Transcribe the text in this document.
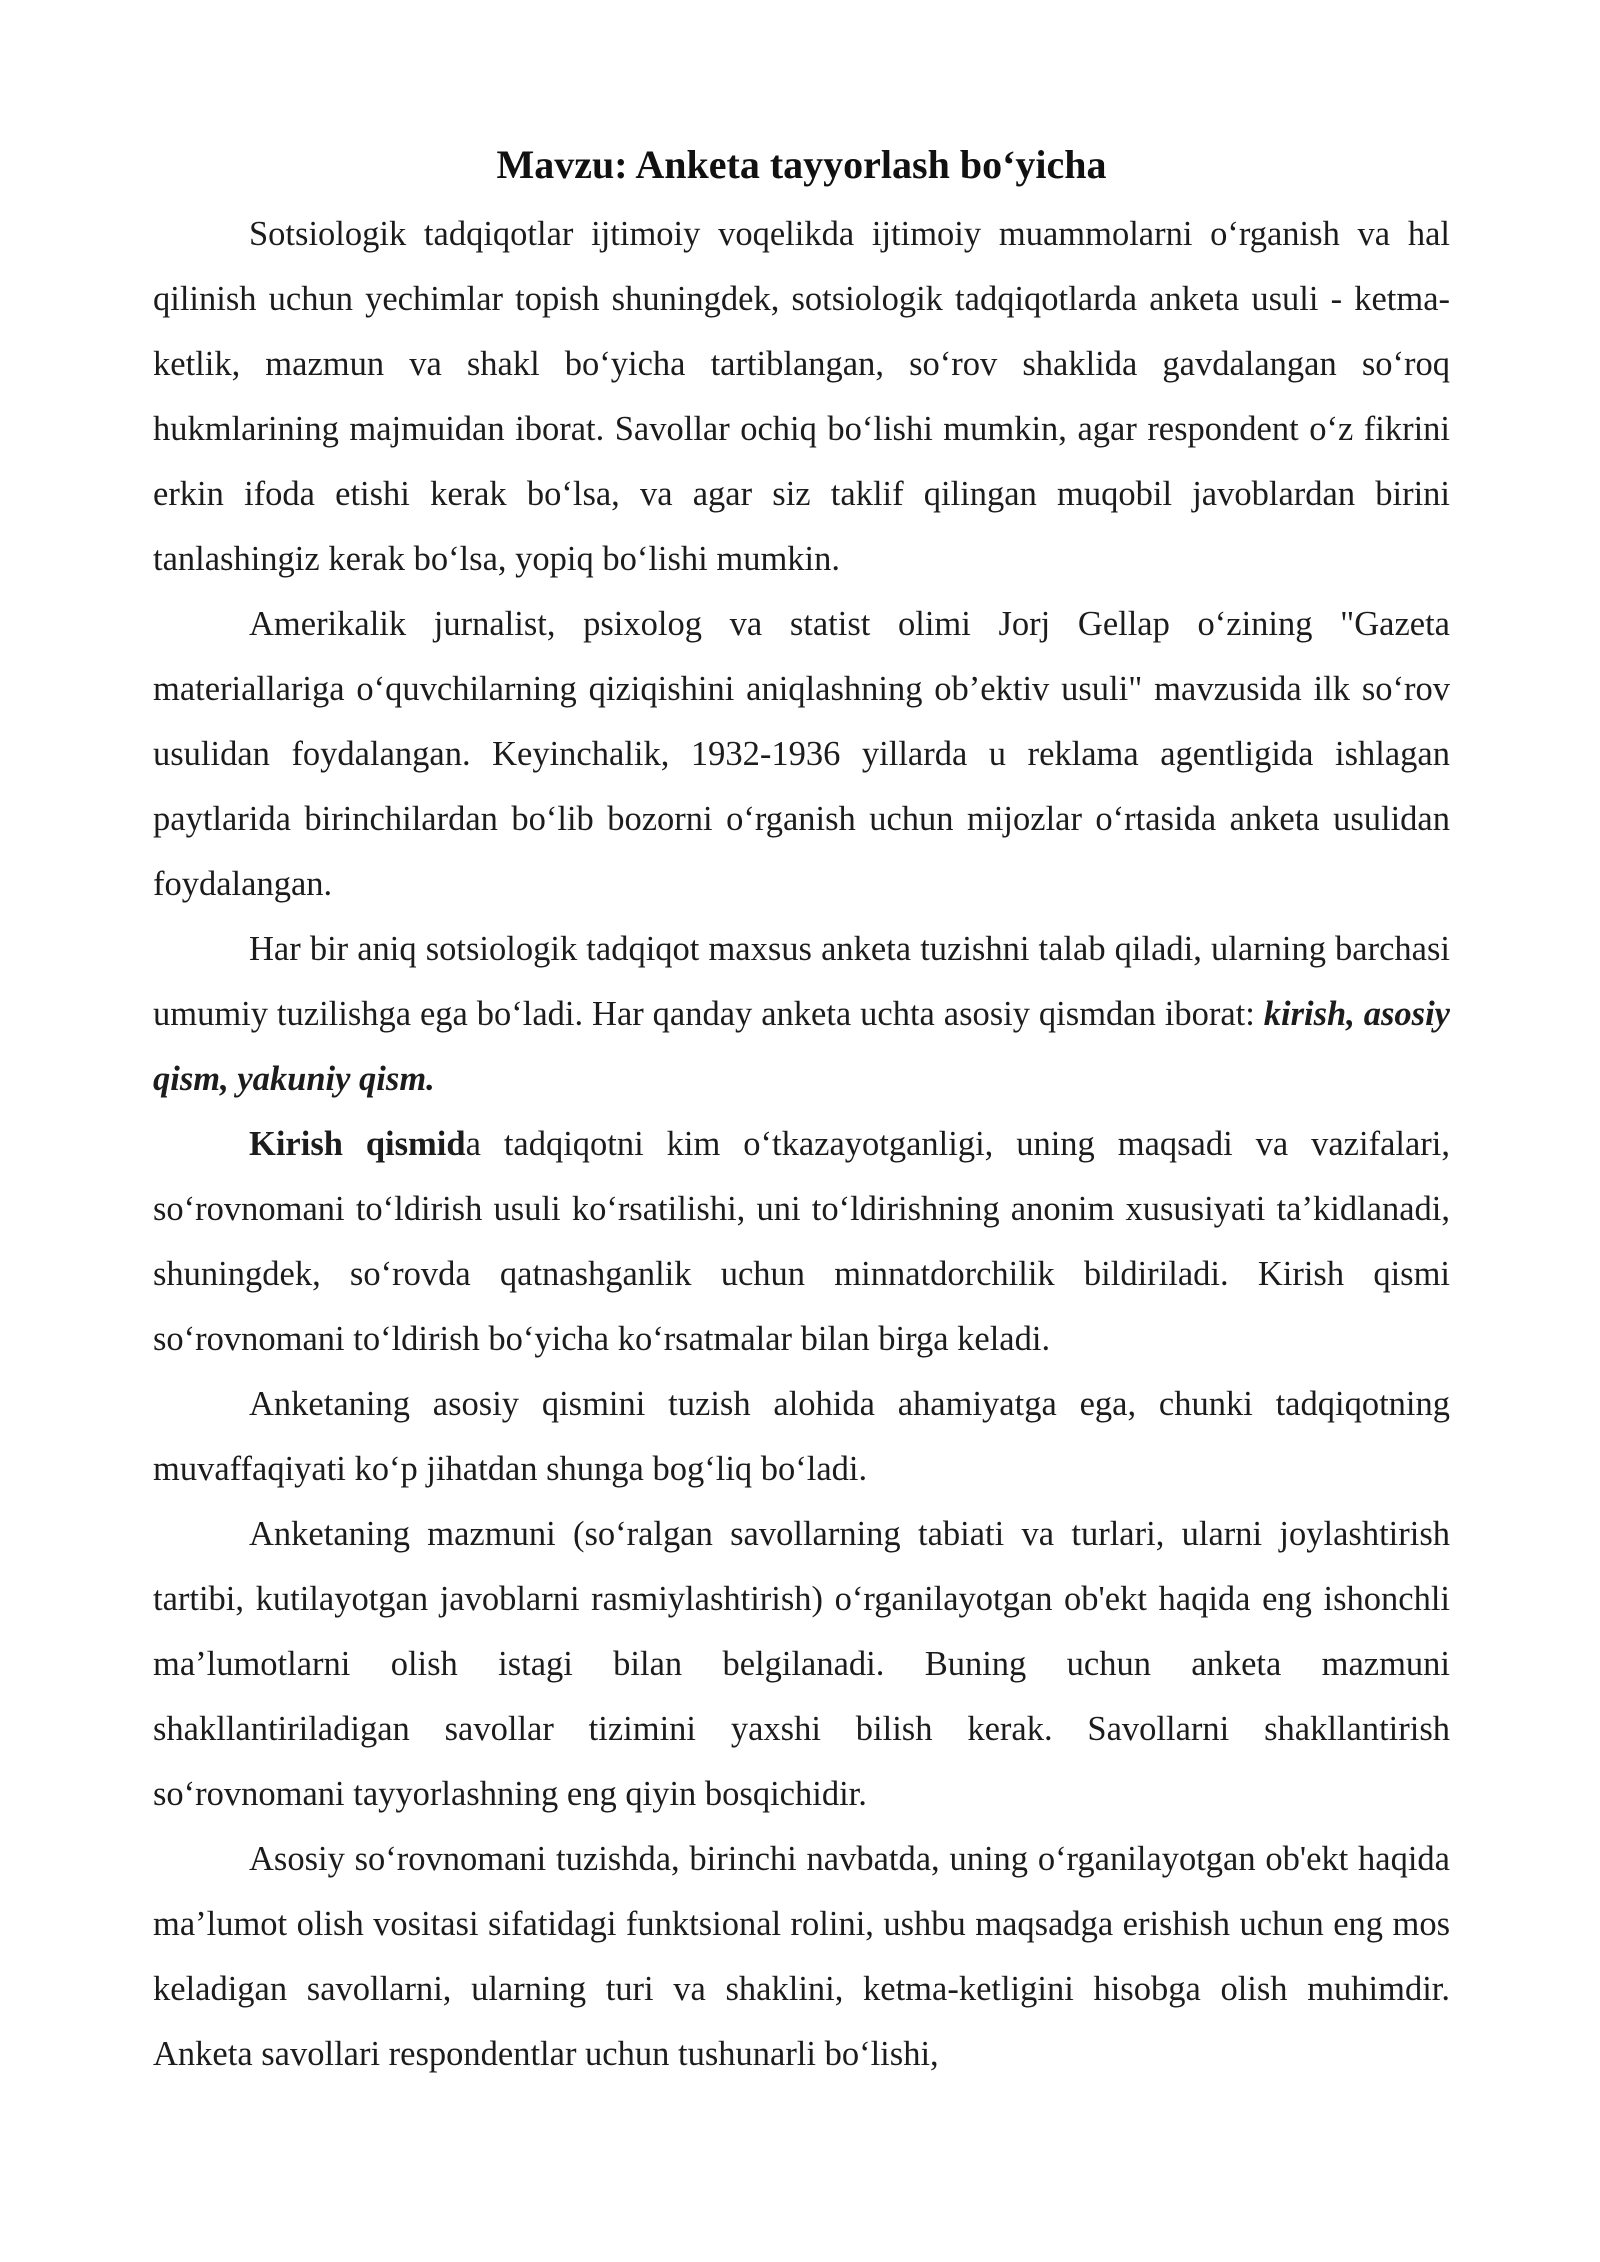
Mavzu: Anketa tayyorlash bo‘yicha

Sotsiologik tadqiqotlar ijtimoiy voqelikda ijtimoiy muammolarni o‘rganish va hal qilinish uchun yechimlar topish shuningdek, sotsiologik tadqiqotlarda anketa usuli - ketma-ketlik, mazmun va shakl bo‘yicha tartiblangan, so‘rov shaklida gavdalangan so‘roq hukmlarining majmuidan iborat. Savollar ochiq bo‘lishi mumkin, agar respondent o‘z fikrini erkin ifoda etishi kerak bo‘lsa, va agar siz taklif qilingan muqobil javoblardan birini tanlashingiz kerak bo‘lsa, yopiq bo‘lishi mumkin.

Amerikalik jurnalist, psixolog va statist olimi Jorj Gellap o‘zining "Gazeta materiallariga o‘quvchilarning qiziqishini aniqlashning ob’ektiv usuli" mavzusida ilk so‘rov usulidan foydalangan. Keyinchalik, 1932-1936 yillarda u reklama agentligida ishlagan paytlarida birinchilardan bo‘lib bozorni o‘rganish uchun mijozlar o‘rtasida anketa usulidan foydalangan.

Har bir aniq sotsiologik tadqiqot maxsus anketa tuzishni talab qiladi, ularning barchasi umumiy tuzilishga ega bo‘ladi. Har qanday anketa uchta asosiy qismdan iborat: kirish, asosiy qism, yakuniy qism.

Kirish qismida tadqiqotni kim o‘tkazayotganligi, uning maqsadi va vazifalari, so‘rovnomani to‘ldirish usuli ko‘rsatilishi, uni to‘ldirishning anonim xususiyati ta’kidlanadi, shuningdek, so‘rovda qatnashganlik uchun minnatdorchilik bildiriladi. Kirish qismi so‘rovnomani to‘ldirish bo‘yicha ko‘rsatmalar bilan birga keladi.

Anketaning asosiy qismini tuzish alohida ahamiyatga ega, chunki tadqiqotning muvaffaqiyati ko‘p jihatdan shunga bog‘liq bo‘ladi.

Anketaning mazmuni (so‘ralgan savollarning tabiati va turlari, ularni joylashtirish tartibi, kutilayotgan javoblarni rasmiylashtirish) o‘rganilayotgan ob'ekt haqida eng ishonchli ma’lumotlarni olish istagi bilan belgilanadi. Buning uchun anketa mazmuni shakllantiriladigan savollar tizimini yaxshi bilish kerak. Savollarni shakllantirish so‘rovnomani tayyorlashning eng qiyin bosqichidir.

Asosiy so‘rovnomani tuzishda, birinchi navbatda, uning o‘rganilayotgan ob'ekt haqida ma’lumot olish vositasi sifatidagi funktsional rolini, ushbu maqsadga erishish uchun eng mos keladigan savollarni, ularning turi va shaklini, ketma-ketligini hisobga olish muhimdir. Anketa savollari respondentlar uchun tushunarli bo‘lishi,
